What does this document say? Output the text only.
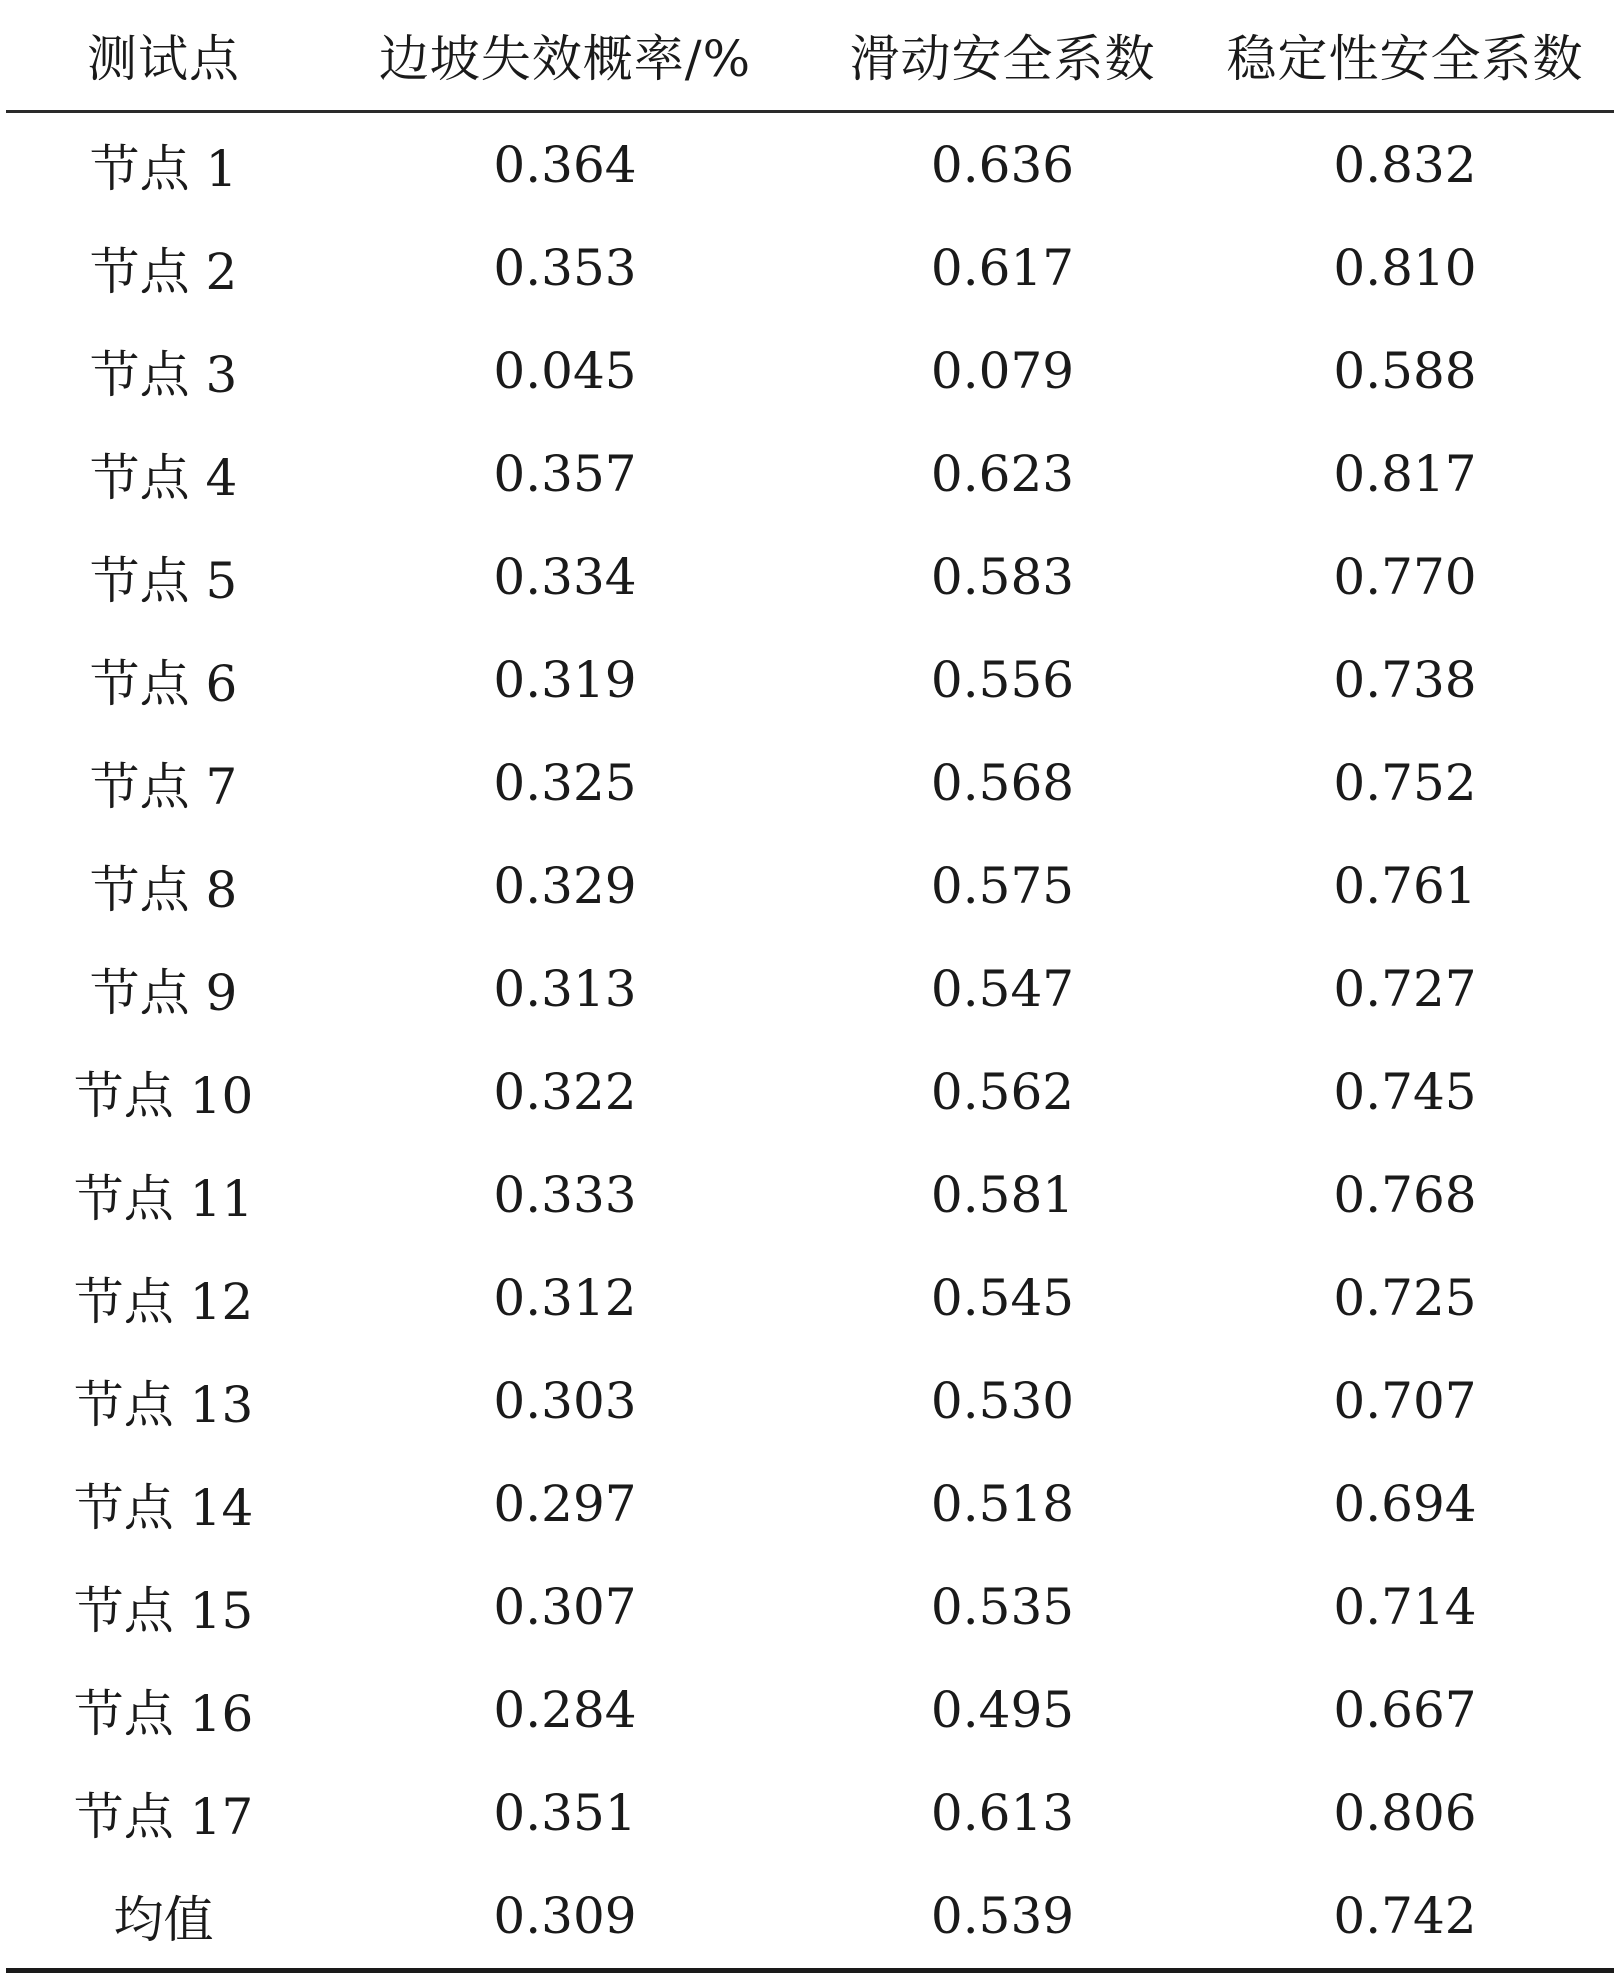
测试点	边坡失效概率/%	滑动安全系数	稳定性安全系数
节点 1	0.364	0.636	0.832
节点 2	0.353	0.617	0.810
节点 3	0.045	0.079	0.588
节点 4	0.357	0.623	0.817
节点 5	0.334	0.583	0.770
节点 6	0.319	0.556	0.738
节点 7	0.325	0.568	0.752
节点 8	0.329	0.575	0.761
节点 9	0.313	0.547	0.727
节点 10	0.322	0.562	0.745
节点 11	0.333	0.581	0.768
节点 12	0.312	0.545	0.725
节点 13	0.303	0.530	0.707
节点 14	0.297	0.518	0.694
节点 15	0.307	0.535	0.714
节点 16	0.284	0.495	0.667
节点 17	0.351	0.613	0.806
均值	0.309	0.539	0.742
